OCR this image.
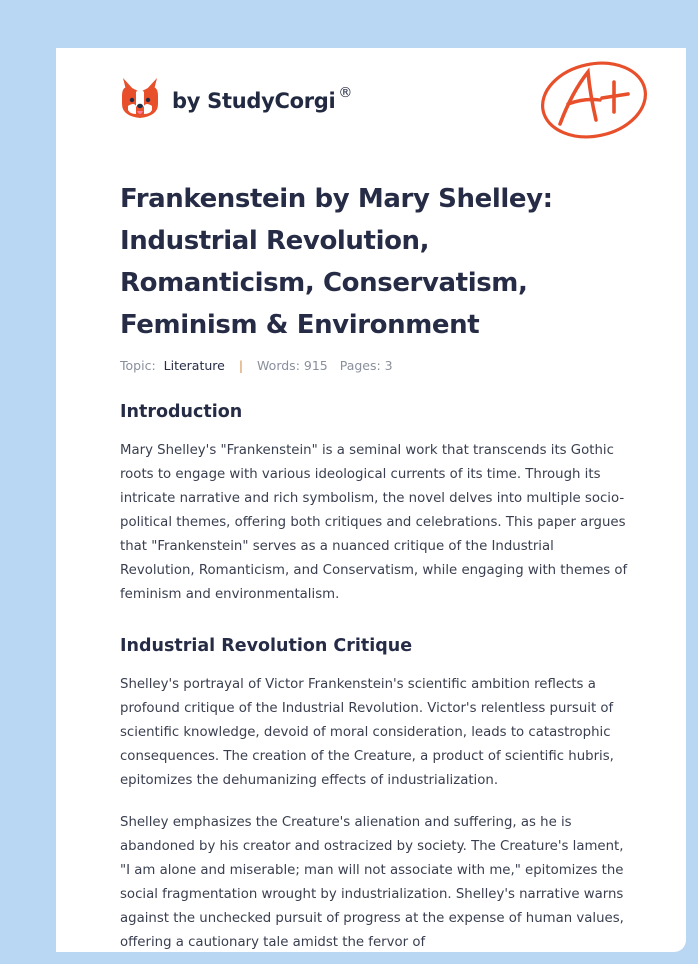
by StudyCorgi ®
Frankenstein by Mary Shelley: Industrial Revolution, Romanticism, Conservatism, Feminism & Environment
Topic: Literature | Words: 915 Pages: 3
Introduction

Mary Shelley's "Frankenstein" is a seminal work that transcends its Gothic roots to engage with various ideological currents of its time. Through its intricate narrative and rich symbolism, the novel delves into multiple socio-political themes, offering both critiques and celebrations. This paper argues that "Frankenstein" serves as a nuanced critique of the Industrial Revolution, Romanticism, and Conservatism, while engaging with themes of feminism and environmentalism.

Industrial Revolution Critique

Shelley's portrayal of Victor Frankenstein's scientific ambition reflects a profound critique of the Industrial Revolution. Victor's relentless pursuit of scientific knowledge, devoid of moral consideration, leads to catastrophic consequences. The creation of the Creature, a product of scientific hubris, epitomizes the dehumanizing effects of industrialization.

Shelley emphasizes the Creature's alienation and suffering, as he is abandoned by his creator and ostracized by society. The Creature's lament, "I am alone and miserable; man will not associate with me," epitomizes the social fragmentation wrought by industrialization. Shelley's narrative warns against the unchecked pursuit of progress at the expense of human values, offering a cautionary tale amidst the fervor of
